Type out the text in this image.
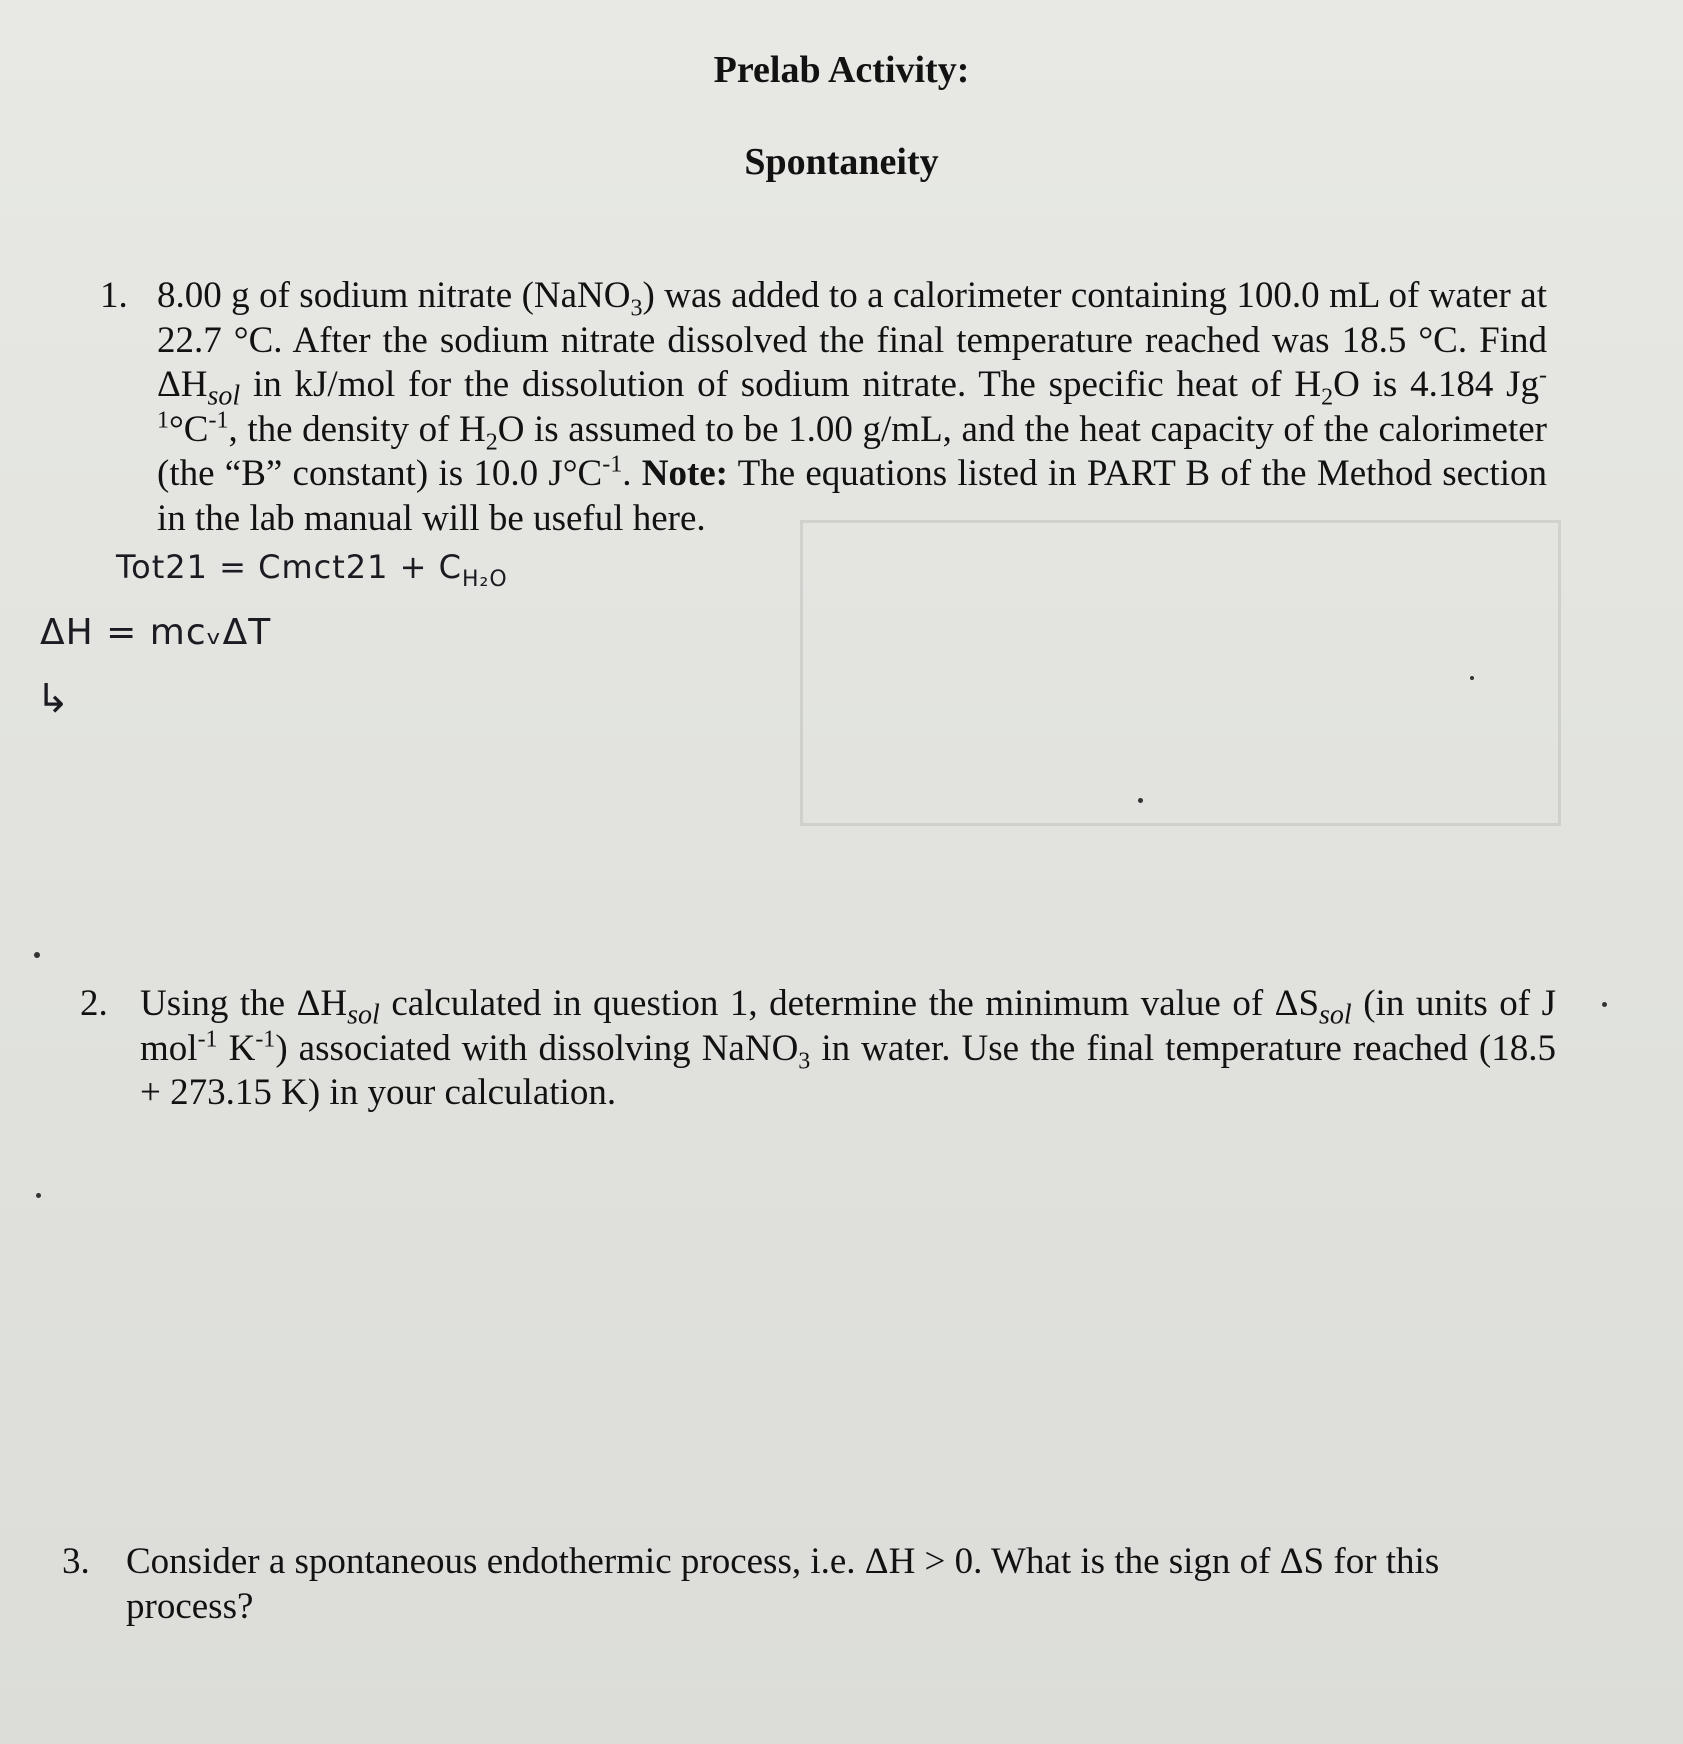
Prelab Activity:
Spontaneity
1. 8.00 g of sodium nitrate (NaNO$_3$) was added to a calorimeter containing 100.0 mL of water at 22.7 °C. After the sodium nitrate dissolved the final temperature reached was 18.5 °C. Find $\Delta H_{sol}$ in kJ/mol for the dissolution of sodium nitrate. The specific heat of $H_2O$ is 4.184 $Jg^{-1}^\circ C^{-1}$, the density of $H_2O$ is assumed to be 1.00 g/mL, and the heat capacity of the calorimeter (the “B” constant) is 10.0 $J^\circ C^{-1}$. Note: The equations listed in PART B of the Method section in the lab manual will be useful here.
Tot21 = Cmct21 + $C_{H_2O}$
ΔH = mcᵥΔT
↳
2. Using the $\Delta H_{sol}$ calculated in question 1, determine the minimum value of $\Delta S_{sol}$ (in units of J mol$^{-1}$ $K^{-1}$) associated with dissolving NaNO$_3$ in water. Use the final temperature reached (18.5 + 273.15 K) in your calculation.
3. Consider a spontaneous endothermic process, i.e. ΔH > 0. What is the sign of ΔS for this process?
